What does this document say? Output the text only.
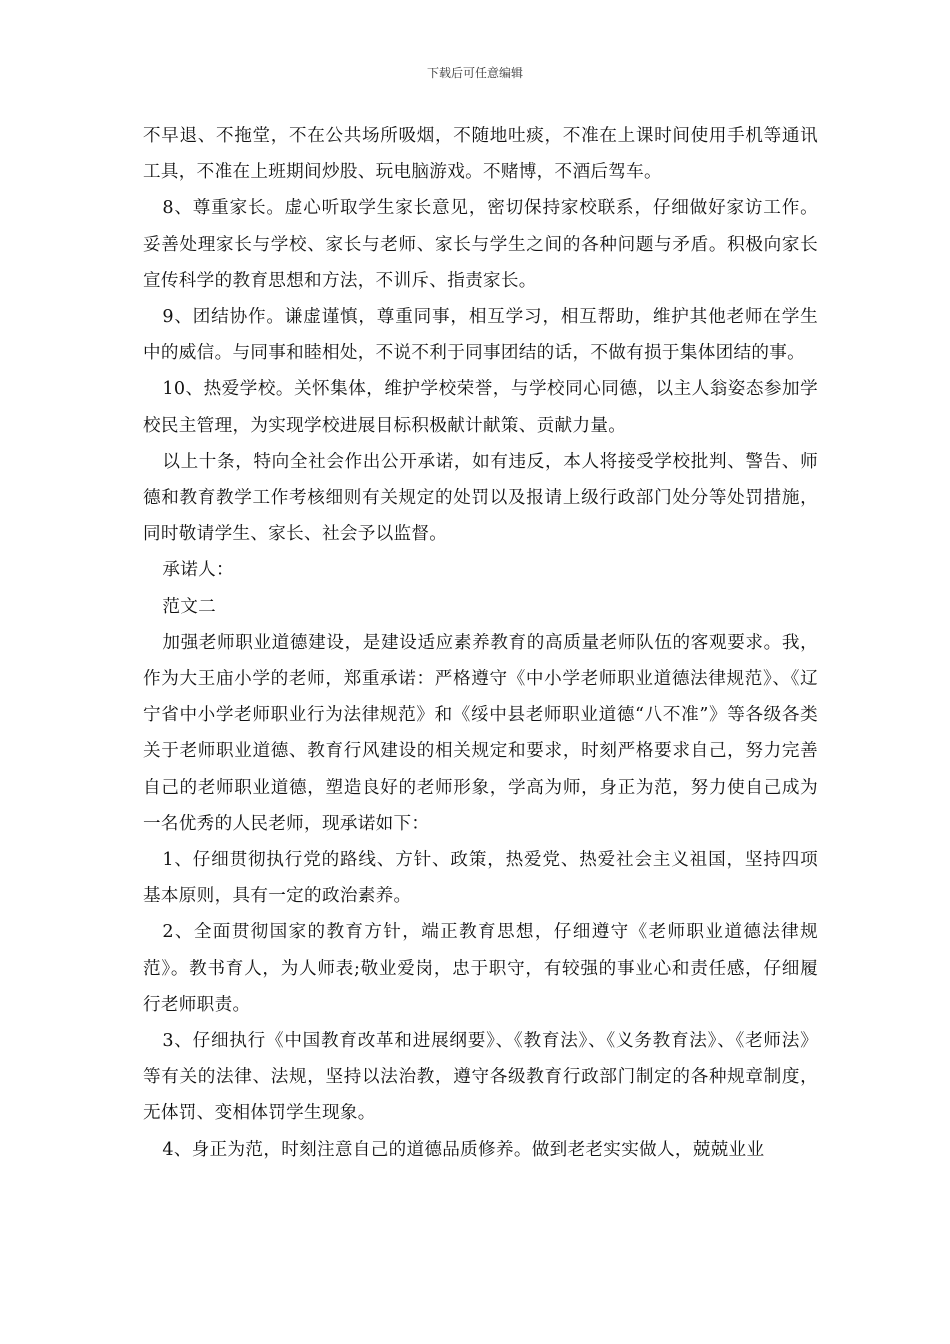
下载后可任意编辑

不早退、不拖堂，不在公共场所吸烟，不随地吐痰，不准在上课时间使用手机等通讯工具，不准在上班期间炒股、玩电脑游戏。不赌博，不酒后驾车。

8、尊重家长。虚心听取学生家长意见，密切保持家校联系，仔细做好家访工作。妥善处理家长与学校、家长与老师、家长与学生之间的各种问题与矛盾。积极向家长宣传科学的教育思想和方法，不训斥、指责家长。

9、团结协作。谦虚谨慎，尊重同事，相互学习，相互帮助，维护其他老师在学生中的威信。与同事和睦相处，不说不利于同事团结的话，不做有损于集体团结的事。

10、热爱学校。关怀集体，维护学校荣誉，与学校同心同德，以主人翁姿态参加学校民主管理，为实现学校进展目标积极献计献策、贡献力量。

以上十条，特向全社会作出公开承诺，如有违反，本人将接受学校批判、警告、师德和教育教学工作考核细则有关规定的处罚以及报请上级行政部门处分等处罚措施，同时敬请学生、家长、社会予以监督。

承诺人：

范文二

加强老师职业道德建设，是建设适应素养教育的高质量老师队伍的客观要求。我，作为大王庙小学的老师，郑重承诺：严格遵守《中小学老师职业道德法律规范》、《辽宁省中小学老师职业行为法律规范》和《绥中县老师职业道德“八不准”》等各级各类关于老师职业道德、教育行风建设的相关规定和要求，时刻严格要求自己，努力完善自己的老师职业道德，塑造良好的老师形象，学高为师，身正为范，努力使自己成为一名优秀的人民老师，现承诺如下：

1、仔细贯彻执行党的路线、方针、政策，热爱党、热爱社会主义祖国，坚持四项基本原则，具有一定的政治素养。

2、全面贯彻国家的教育方针，端正教育思想，仔细遵守《老师职业道德法律规范》。教书育人，为人师表;敬业爱岗，忠于职守，有较强的事业心和责任感，仔细履行老师职责。

3、仔细执行《中国教育改革和进展纲要》、《教育法》、《义务教育法》、《老师法》等有关的法律、法规，坚持以法治教，遵守各级教育行政部门制定的各种规章制度，无体罚、变相体罚学生现象。

4、身正为范，时刻注意自己的道德品质修养。做到老老实实做人，兢兢业业
